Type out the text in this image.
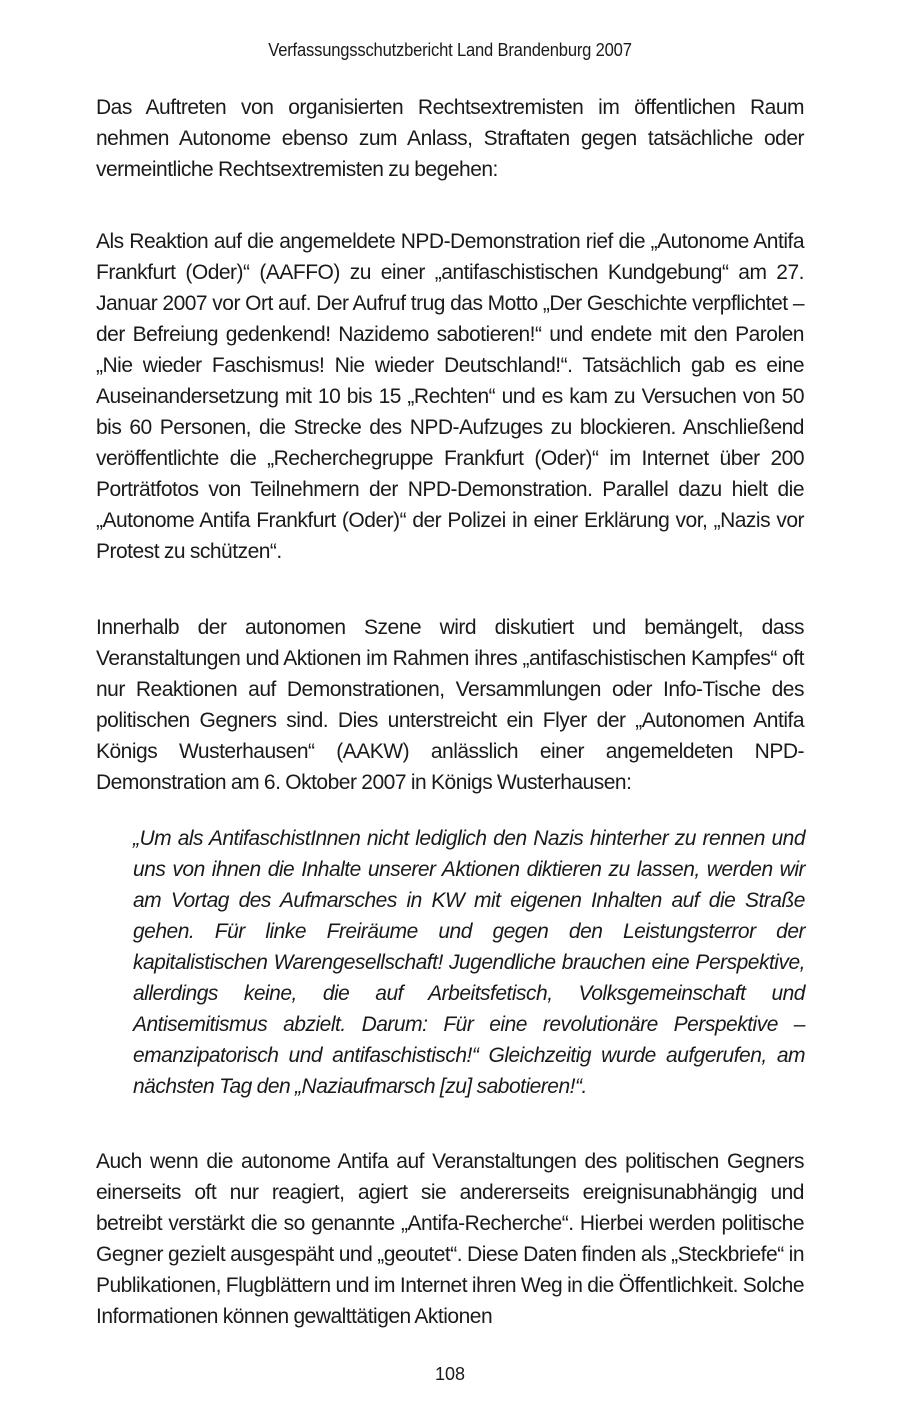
Verfassungsschutzbericht Land Brandenburg 2007

Das Auftreten von organisierten Rechtsextremisten im öffentlichen Raum nehmen Autonome ebenso zum Anlass, Straftaten gegen tatsächliche oder vermeintliche Rechtsextremisten zu begehen:

Als Reaktion auf die angemeldete NPD-Demonstration rief die „Autonome Antifa Frankfurt (Oder)“ (AAFFO) zu einer „antifaschistischen Kundgebung“ am 27. Januar 2007 vor Ort auf. Der Aufruf trug das Motto „Der Geschichte verpflichtet – der Befreiung gedenkend! Nazidemo sabotieren!“ und endete mit den Parolen „Nie wieder Faschismus! Nie wieder Deutschland!“. Tatsächlich gab es eine Auseinandersetzung mit 10 bis 15 „Rechten“ und es kam zu Versuchen von 50 bis 60 Personen, die Strecke des NPD-Aufzuges zu blockieren. Anschließend veröffentlichte die „Recherchegruppe Frankfurt (Oder)“ im Internet über 200 Porträtfotos von Teilnehmern der NPD-Demonstration. Parallel dazu hielt die „Autonome Antifa Frankfurt (Oder)“ der Polizei in einer Erklärung vor, „Nazis vor Protest zu schützen“.

Innerhalb der autonomen Szene wird diskutiert und bemängelt, dass Veranstaltungen und Aktionen im Rahmen ihres „antifaschistischen Kampfes“ oft nur Reaktionen auf Demonstrationen, Versammlungen oder Info-Tische des politischen Gegners sind. Dies unterstreicht ein Flyer der „Autonomen Antifa Königs Wusterhausen“ (AAKW) anlässlich einer angemeldeten NPD-Demonstration am 6. Oktober 2007 in Königs Wusterhausen:

„Um als AntifaschistInnen nicht lediglich den Nazis hinterher zu rennen und uns von ihnen die Inhalte unserer Aktionen diktieren zu lassen, werden wir am Vortag des Aufmarsches in KW mit eigenen Inhalten auf die Straße gehen. Für linke Freiräume und gegen den Leistungsterror der kapitalistischen Warengesellschaft! Jugendliche brauchen eine Perspektive, allerdings keine, die auf Arbeitsfetisch, Volksgemeinschaft und Antisemitismus abzielt. Darum: Für eine revolutionäre Perspektive – emanzipatorisch und antifaschistisch!“ Gleichzeitig wurde aufgerufen, am nächsten Tag den „Naziaufmarsch [zu] sabotieren!“.

Auch wenn die autonome Antifa auf Veranstaltungen des politischen Gegners einerseits oft nur reagiert, agiert sie andererseits ereignisunabhängig und betreibt verstärkt die so genannte „Antifa-Recherche“. Hierbei werden politische Gegner gezielt ausgespäht und „geoutet“. Diese Daten finden als „Steckbriefe“ in Publikationen, Flugblättern und im Internet ihren Weg in die Öffentlichkeit. Solche Informationen können gewalttätigen Aktionen

108
